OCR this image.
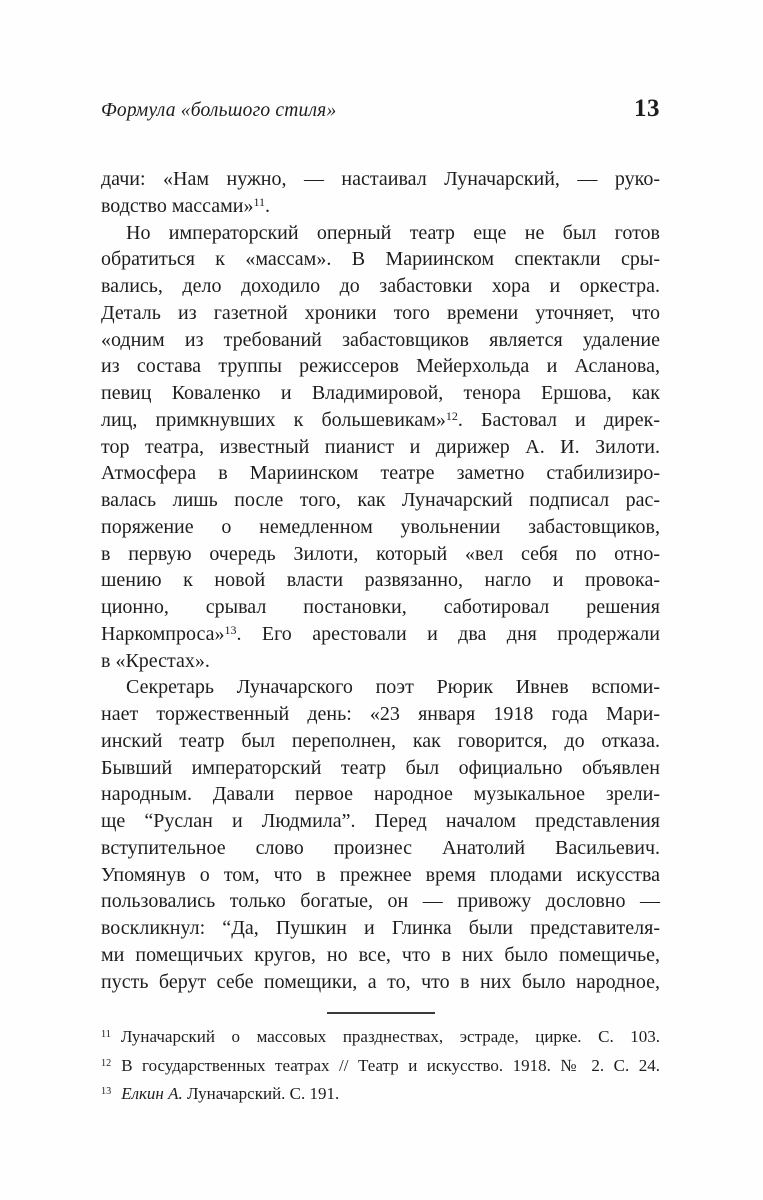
Формула «большого стиля»	13
дачи: «Нам нужно, — настаивал Луначарский, — руко-
водство массами»$^{11}$.
Но императорский оперный театр еще не был готов
обратиться к «массам». В Мариинском спектакли сры-
вались, дело доходило до забастовки хора и оркестра.
Деталь из газетной хроники того времени уточняет, что
«одним из требований забастовщиков является удаление
из состава труппы режиссеров Мейерхольда и Асланова,
певиц Коваленко и Владимировой, тенора Ершова, как
лиц, примкнувших к большевикам»$^{12}$. Бастовал и дирек-
тор театра, известный пианист и дирижер А. И. Зилоти.
Атмосфера в Мариинском театре заметно стабилизиро-
валась лишь после того, как Луначарский подписал рас-
поряжение о немедленном увольнении забастовщиков,
в первую очередь Зилоти, который «вел себя по отно-
шению к новой власти развязанно, нагло и провока-
ционно, срывал постановки, саботировал решения
Наркомпроса»$^{13}$. Его арестовали и два дня продержали
в «Крестах».
Секретарь Луначарского поэт Рюрик Ивнев вспоми-
нает торжественный день: «23 января 1918 года Мари-
инский театр был переполнен, как говорится, до отказа.
Бывший императорский театр был официально объявлен
народным. Давали первое народное музыкальное зрели-
ще “Руслан и Людмила”. Перед началом представления
вступительное слово произнес Анатолий Васильевич.
Упомянув о том, что в прежнее время плодами искусства
пользовались только богатые, он — привожу дословно —
воскликнул: “Да, Пушкин и Глинка были представителя-
ми помещичьих кругов, но все, что в них было помещичье,
пусть берут себе помещики, а то, что в них было народное,
$^{11}$ Луначарский о массовых празднествах, эстраде, цирке. С. 103.
$^{12}$ В государственных театрах // Театр и искусство. 1918. № 2. С. 24.
$^{13}$ Елкин А. Луначарский. С. 191.
